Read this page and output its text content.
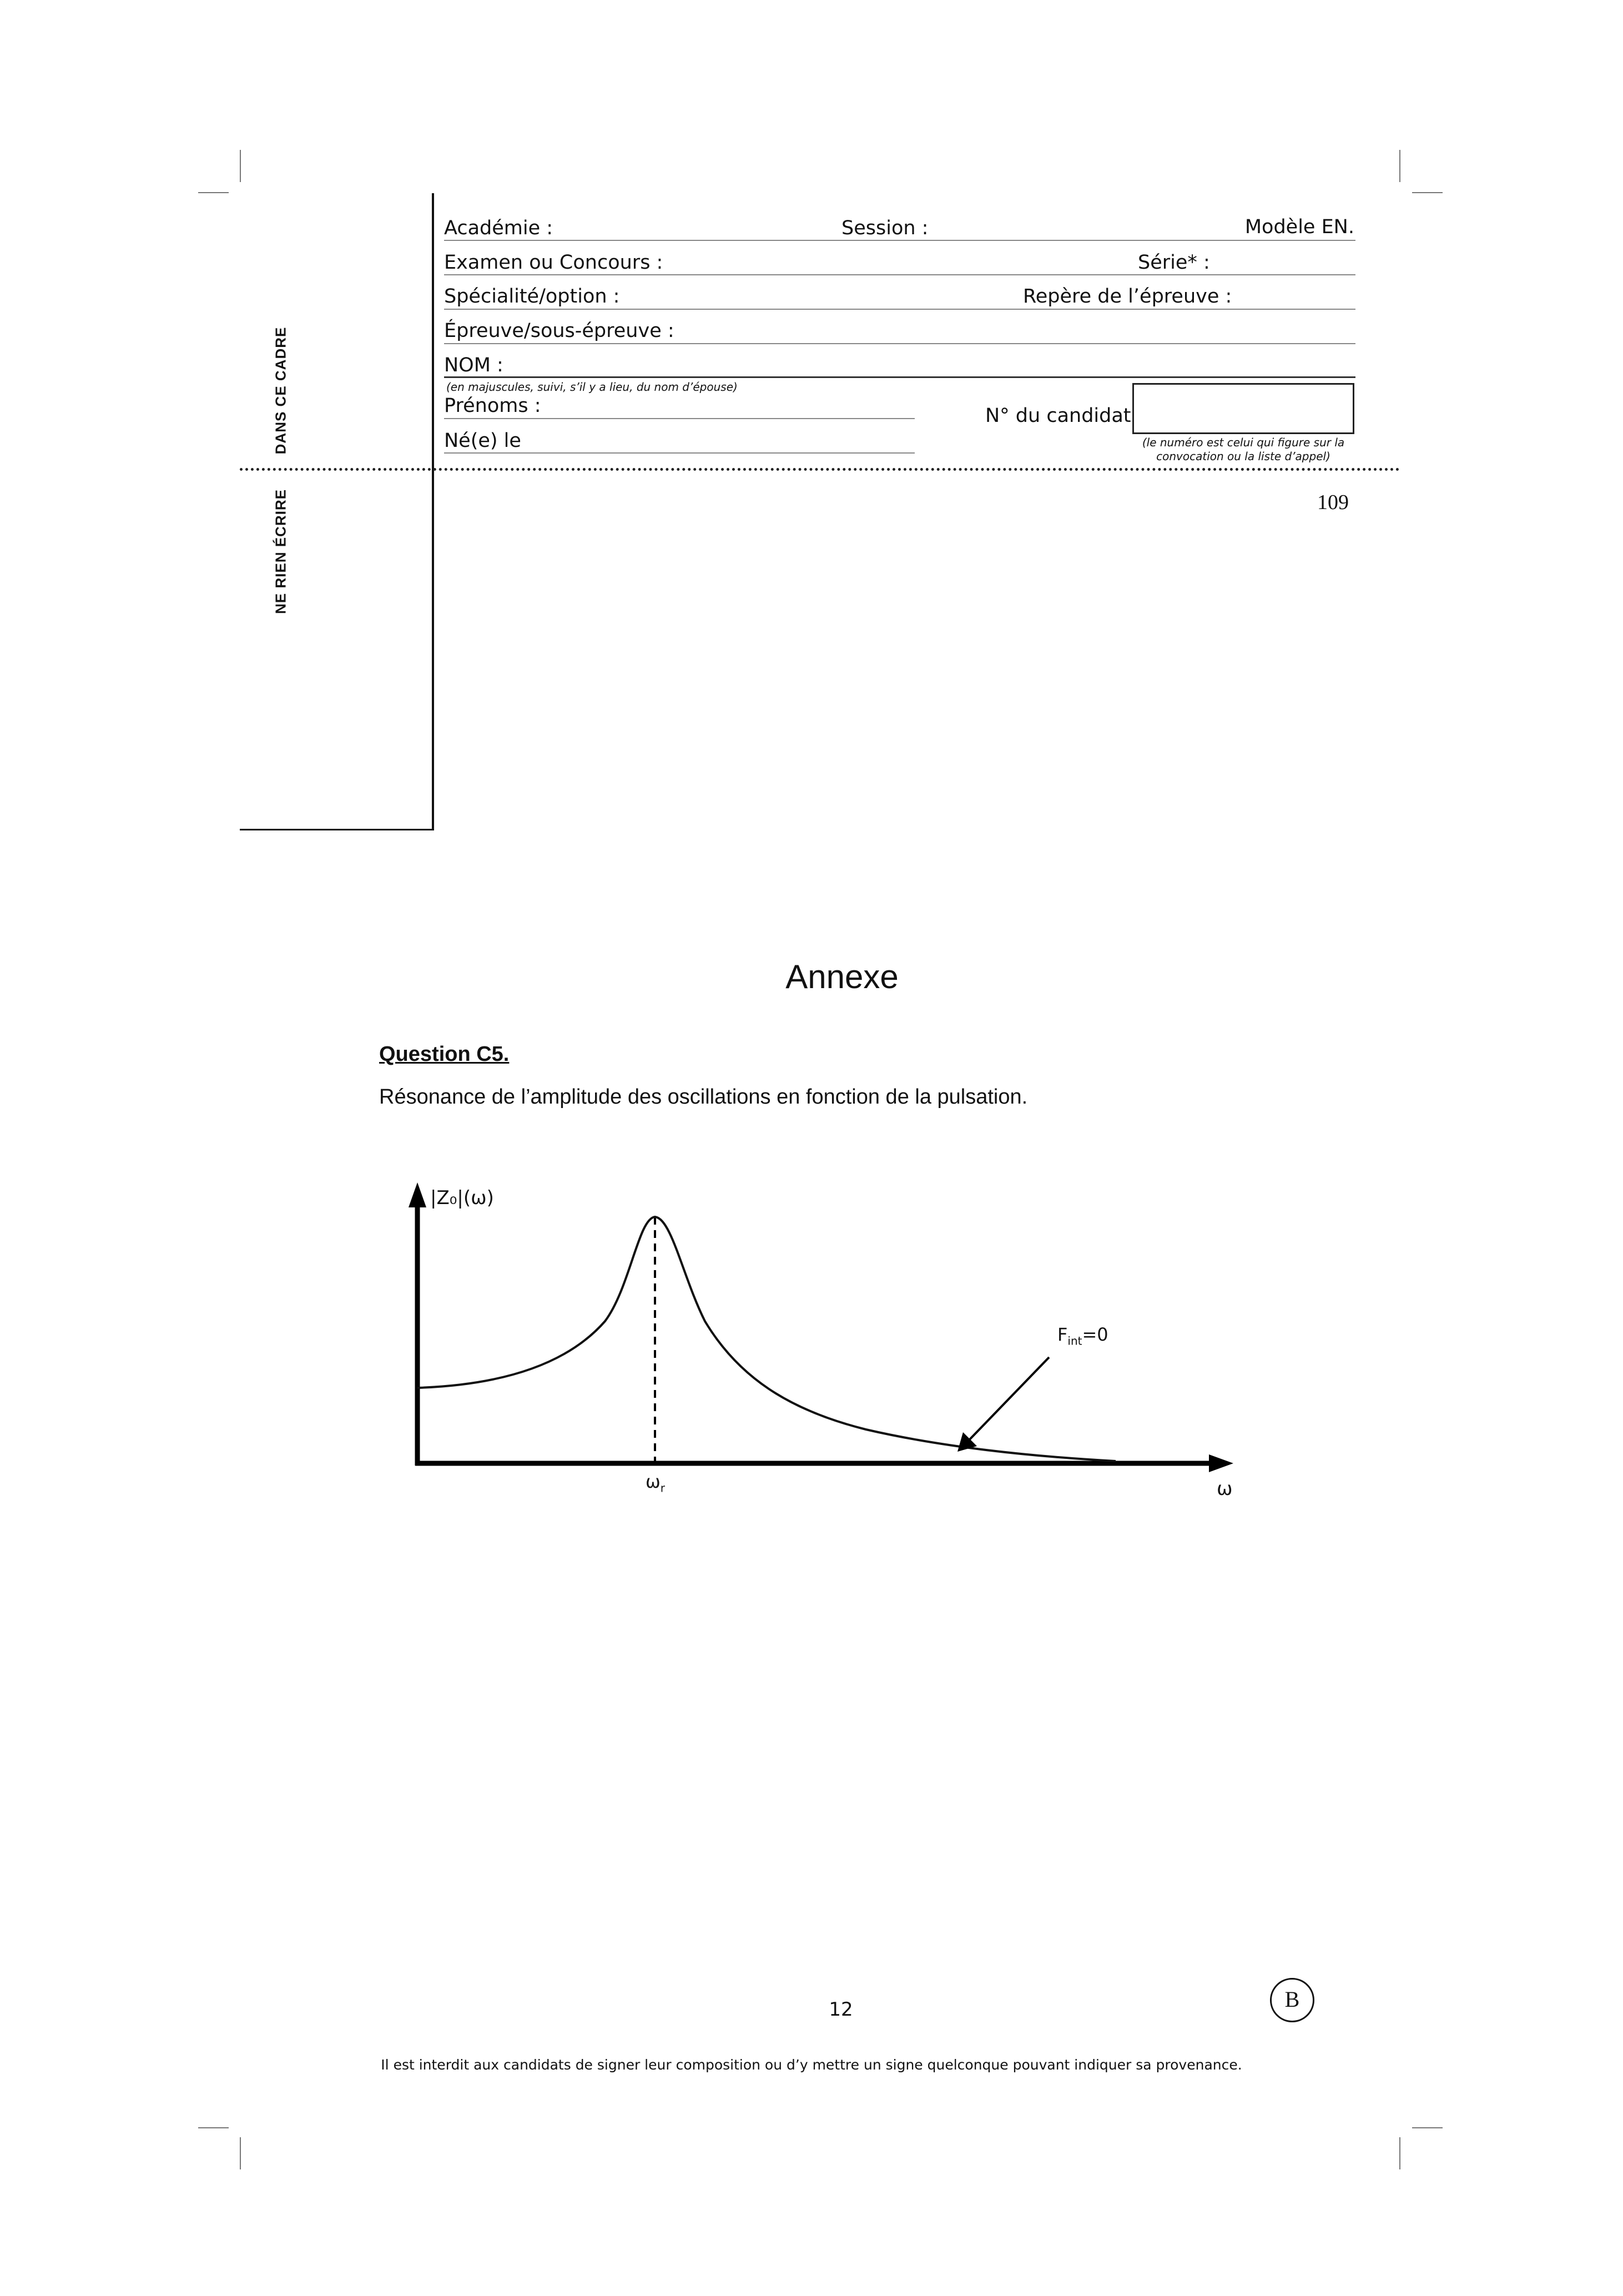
DANS CE CADRE
NE RIEN ÉCRIRE
Académie :	Session :	Modèle EN.
Examen ou Concours :	Série* :
Spécialité/option :	Repère de l’épreuve :
Épreuve/sous-épreuve :
NOM :
(en majuscules, suivi, s’il y a lieu, du nom d’épouse)
Prénoms :
Né(e) le
N° du candidat
(le numéro est celui qui figure sur la
convocation ou la liste d’appel)
109
Annexe
Question C5.
Résonance de l’amplitude des oscillations en fonction de la pulsation.
|Z₀|(ω)
$\omega_r$	ω
$F_{int}=0$
12	B
Il est interdit aux candidats de signer leur composition ou d’y mettre un signe quelconque pouvant indiquer sa provenance.
